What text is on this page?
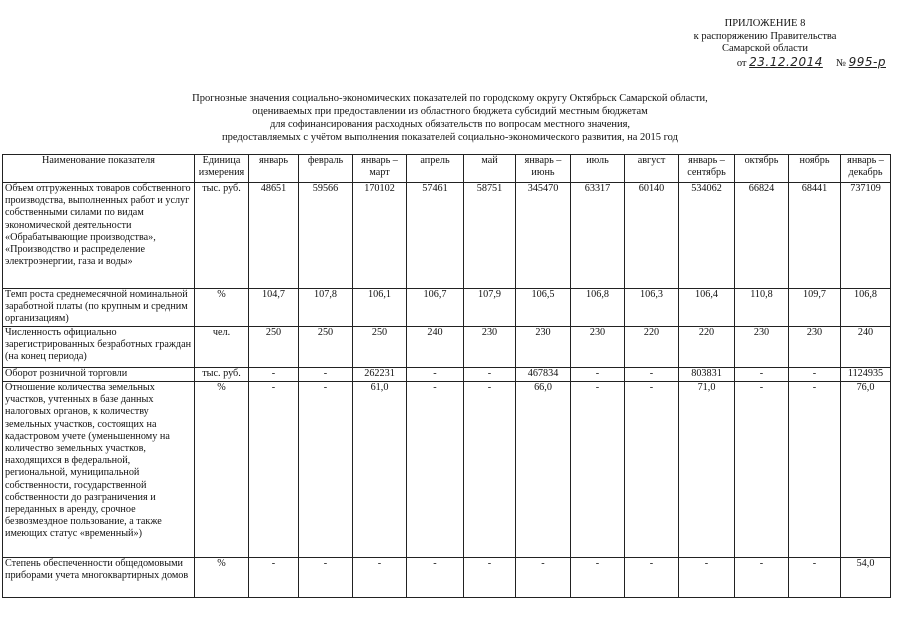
ПРИЛОЖЕНИЕ 8
к распоряжению Правительства
Самарской области
от 23.12.2014 № 995-р
Прогнозные значения социально-экономических показателей по городскому округу Октябрьск Самарской области,
оцениваемых при предоставлении из областного бюджета субсидий местным бюджетам
для софинансирования расходных обязательств по вопросам местного значения,
предоставляемых с учётом выполнения показателей социально-экономического развития, на 2015 год
Наименование показателя	Единица измерения	январь	февраль	январь – март	апрель	май	январь – июнь	июль	август	январь – сентябрь	октябрь	ноябрь	январь – декабрь
Объем отгруженных товаров собственного производства, выполненных работ и услуг собственными силами по видам экономической деятельности «Обрабатывающие производства», «Производство и распределение электроэнергии, газа и воды»	тыс. руб.	48651	59566	170102	57461	58751	345470	63317	60140	534062	66824	68441	737109
Темп роста среднемесячной номинальной заработной платы (по крупным и средним организациям)	%	104,7	107,8	106,1	106,7	107,9	106,5	106,8	106,3	106,4	110,8	109,7	106,8
Численность официально зарегистрированных безработных граждан (на конец периода)	чел.	250	250	250	240	230	230	230	220	220	230	230	240
Оборот розничной торговли	тыс. руб.	-	-	262231	-	-	467834	-	-	803831	-	-	1124935
Отношение количества земельных участков, учтенных в базе данных налоговых органов, к количеству земельных участков, состоящих на кадастровом учете (уменьшенному на количество земельных участков, находящихся в федеральной, региональной, муниципальной собственности, государственной собственности до разграничения и переданных в аренду, срочное безвозмездное пользование, а также имеющих статус «временный»)	%	-	-	61,0	-	-	66,0	-	-	71,0	-	-	76,0
Степень обеспеченности общедомовыми приборами учета многоквартирных домов	%	-	-	-	-	-	-	-	-	-	-	-	54,0
